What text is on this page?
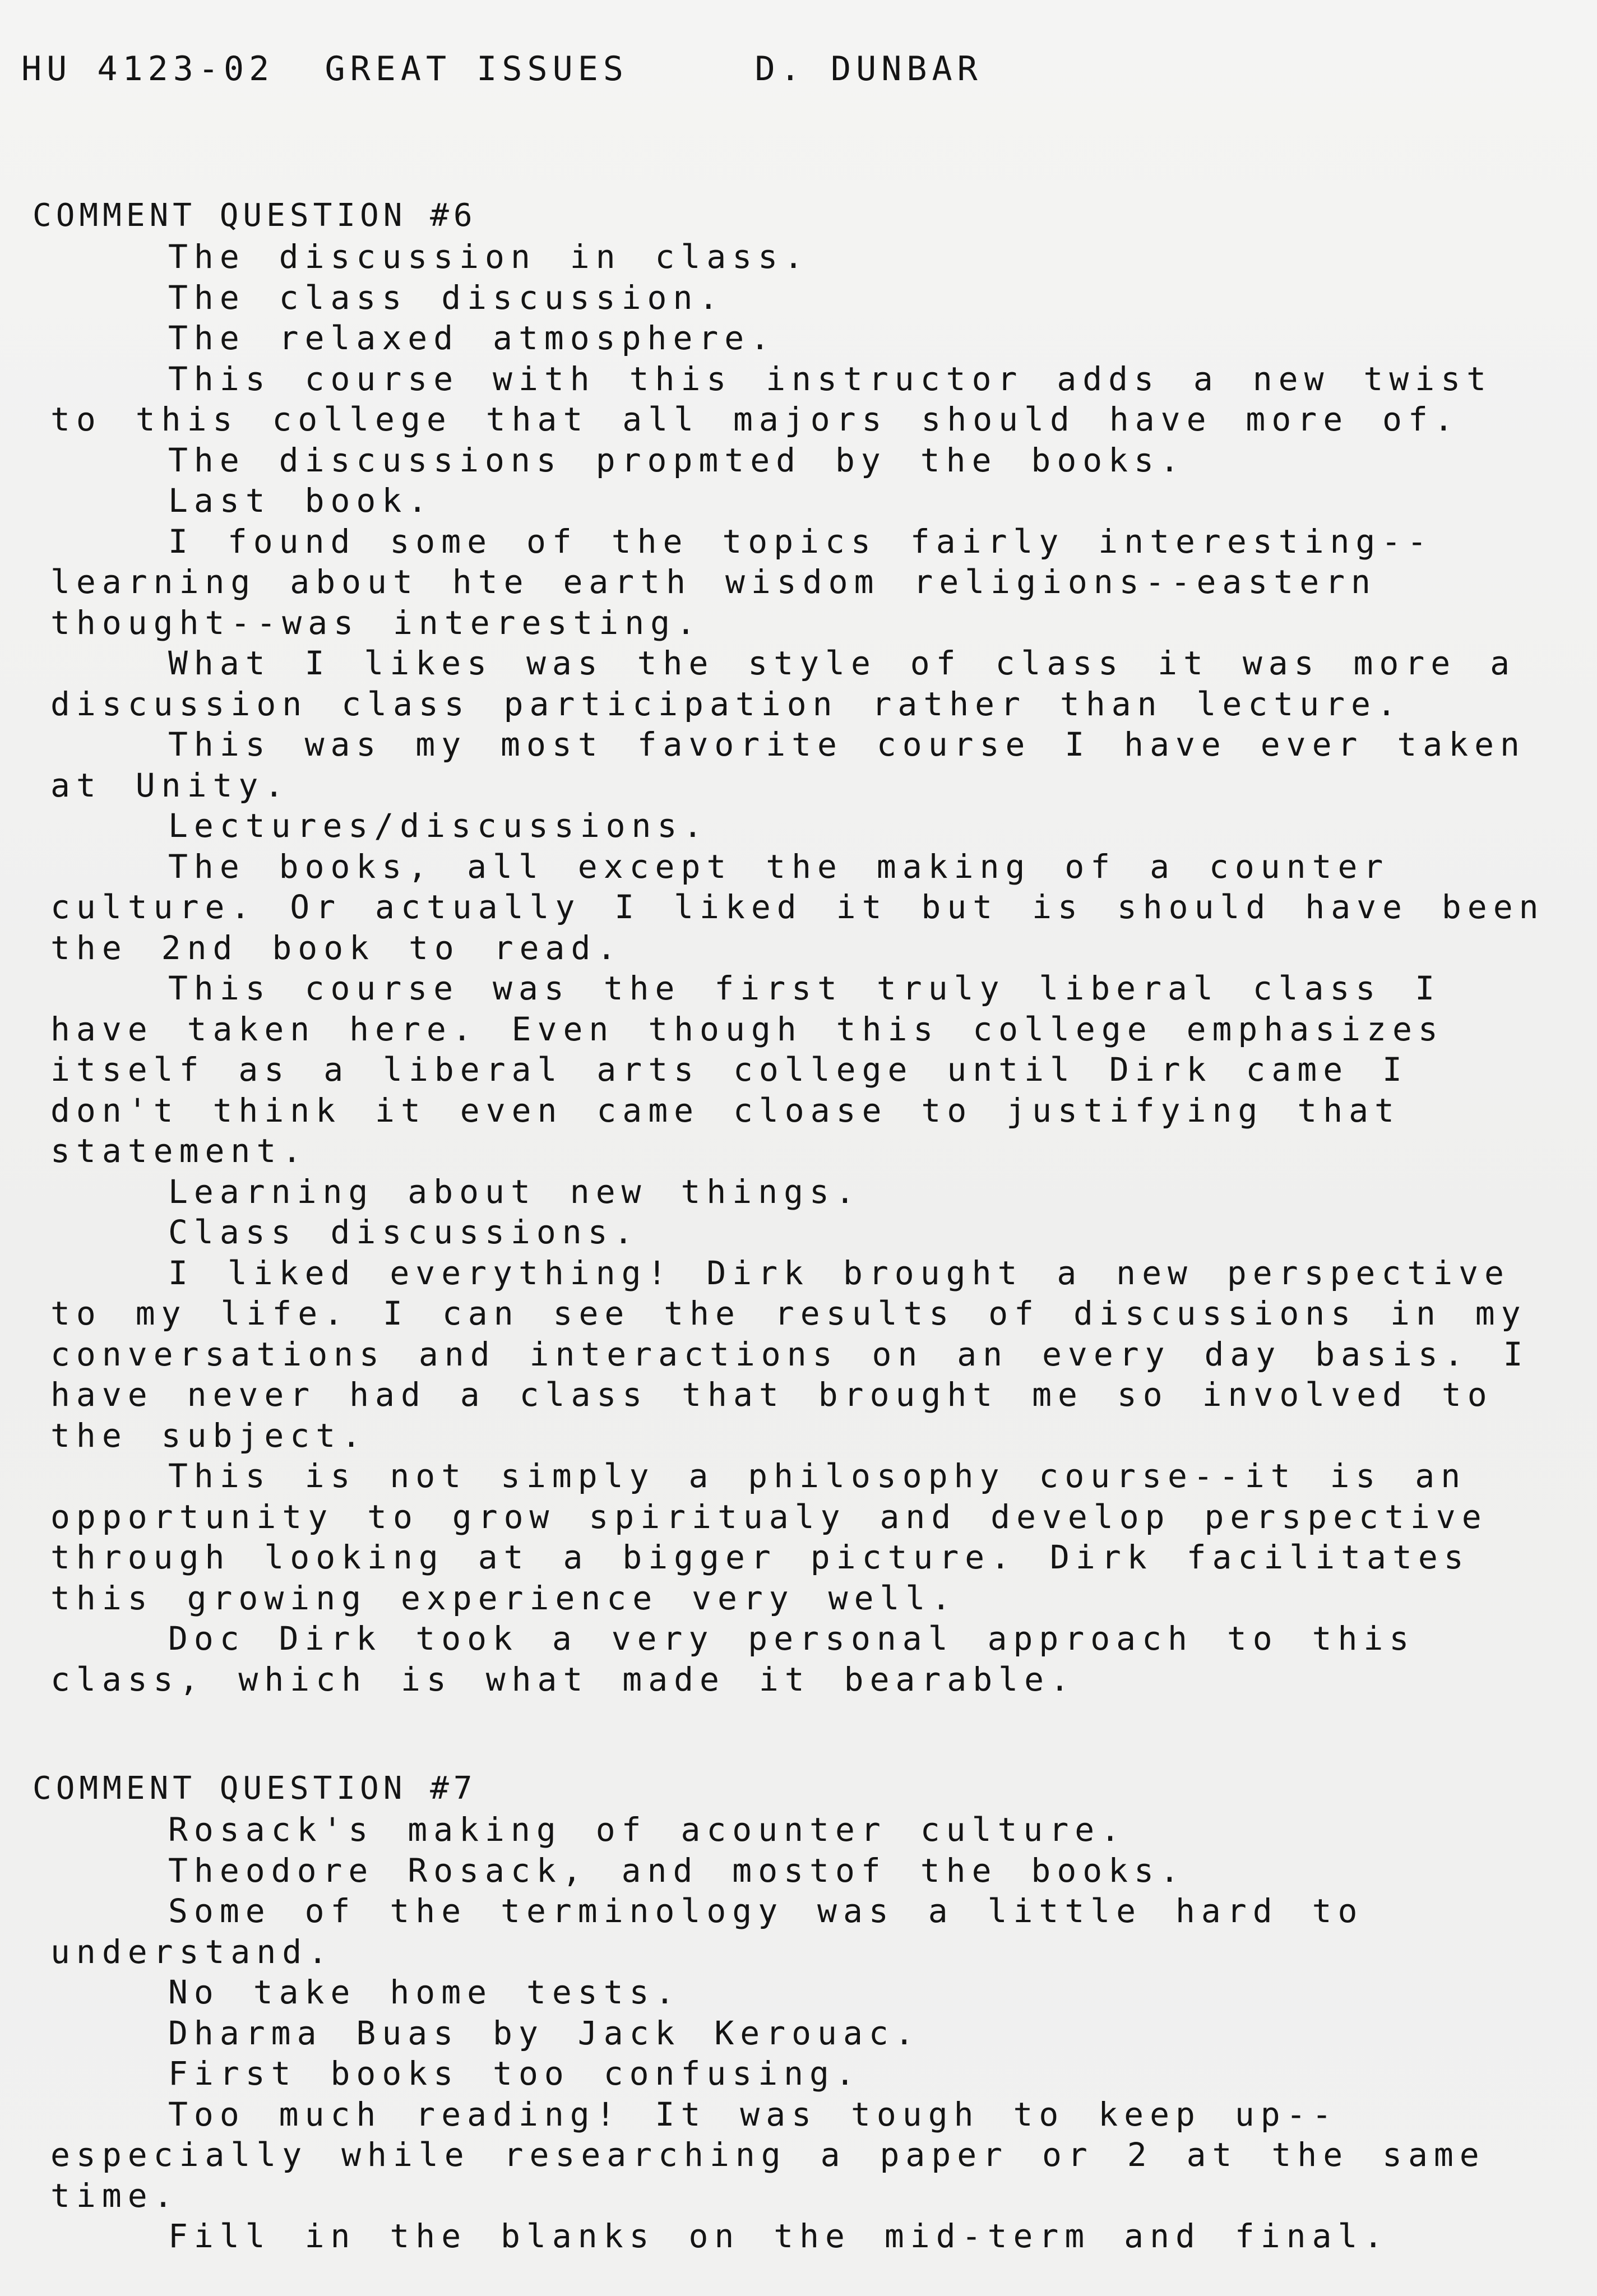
HU 4123-02 GREAT ISSUES	D. DUNBAR
COMMENT QUESTION #6

The discussion in class.

The class discussion.

The relaxed atmosphere.

This course with this instructor adds a new twist to this college that all majors should have more of.

The discussions propmted by the books.

Last book.

I found some of the topics fairly interesting--learning about hte earth wisdom religions--eastern thought--was interesting.

What I likes was the style of class it was more a discussion class participation rather than lecture.

This was my most favorite course I have ever taken at Unity.

Lectures/discussions.

The books, all except the making of a counter culture. Or actually I liked it but is should have been the 2nd book to read.

This course was the first truly liberal class I have taken here. Even though this college emphasizes itself as a liberal arts college until Dirk came I don't think it even came cloase to justifying that statement.

Learning about new things.

Class discussions.

I liked everything! Dirk brought a new perspective to my life. I can see the results of discussions in my conversations and interactions on an every day basis. I have never had a class that brought me so involved to the subject.

This is not simply a philosophy course--it is an opportunity to grow spiritualy and develop perspective through looking at a bigger picture. Dirk facilitates this growing experience very well.

Doc Dirk took a very personal approach to this class, which is what made it bearable.

COMMENT QUESTION #7

Rosack's making of acounter culture.

Theodore Rosack, and mostof the books.

Some of the terminology was a little hard to understand.

No take home tests.

Dharma Buas by Jack Kerouac.

First books too confusing.

Too much reading! It was tough to keep up--especially while researching a paper or 2 at the same time.

Fill in the blanks on the mid-term and final.
